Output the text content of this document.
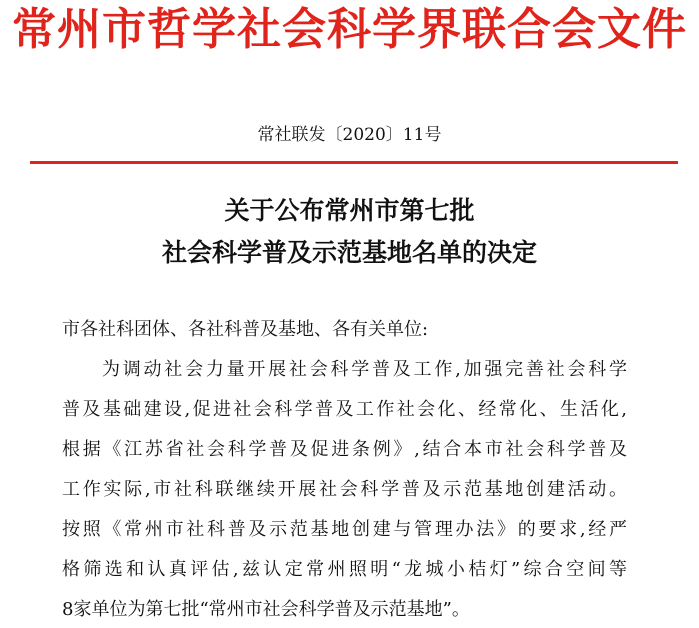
常州市哲学社会科学界联合会文件
常社联发〔2020〕11号
关于公布常州市第七批
社会科学普及示范基地名单的决定
市各社科团体、各社科普及基地、各有关单位:
为调动社会力量开展社会科学普及工作,加强完善社会科学
普及基础建设,促进社会科学普及工作社会化、经常化、生活化,
根据《江苏省社会科学普及促进条例》,结合本市社会科学普及
工作实际,市社科联继续开展社会科学普及示范基地创建活动。
按照《常州市社科普及示范基地创建与管理办法》的要求,经严
格筛选和认真评估,兹认定常州照明“龙城小桔灯”综合空间等
8家单位为第七批“常州市社会科学普及示范基地”。
